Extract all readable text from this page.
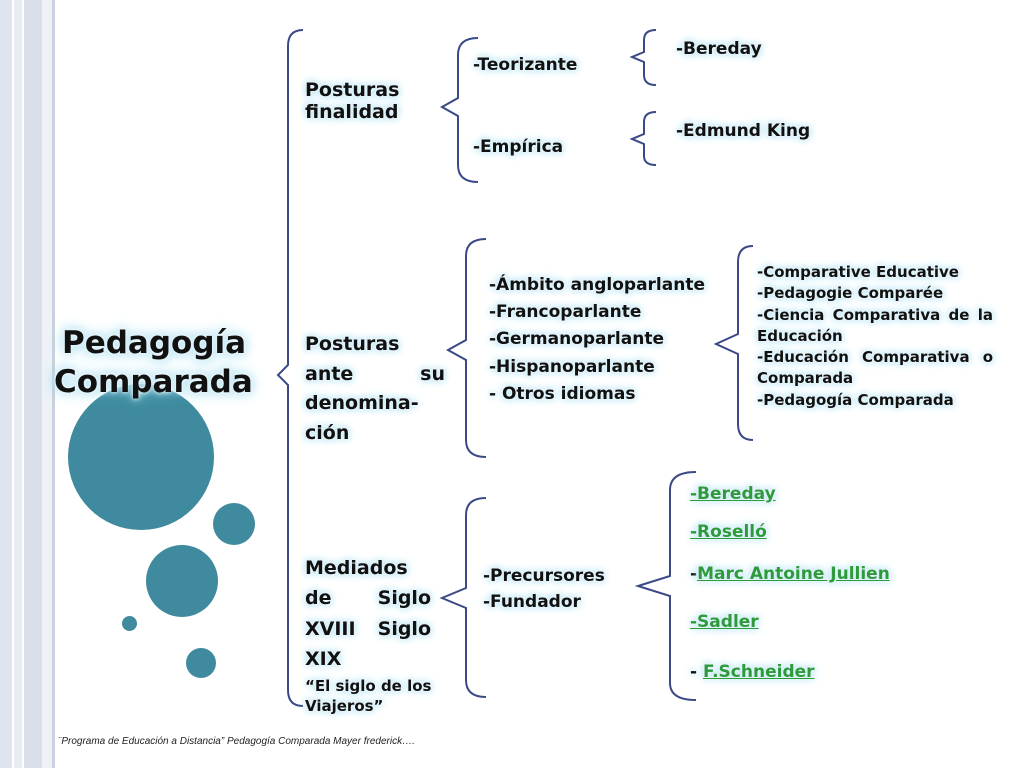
Pedagogía
Comparada
Posturas
finalidad
-Teorizante
-Empírica
-Bereday
-Edmund King
Posturas
ante su
denomina-
ción
-Ámbito angloparlante
-Francoparlante
-Germanoparlante
-Hispanoparlante
- Otros idiomas
-Comparative Educative
-Pedagogie Comparée
-Ciencia Comparativa de la
Educación
-Educación Comparativa o
Comparada
-Pedagogía Comparada
Mediados
de Siglo
XVIII Siglo
XIX
“El siglo de los
Viajeros”
-Precursores
-Fundador
-Bereday
-Roselló
-Marc Antoine Jullien
-Sadler
- F.Schneider
¨Programa de Educación a Distancia” Pedagogía Comparada Mayer frederick….
